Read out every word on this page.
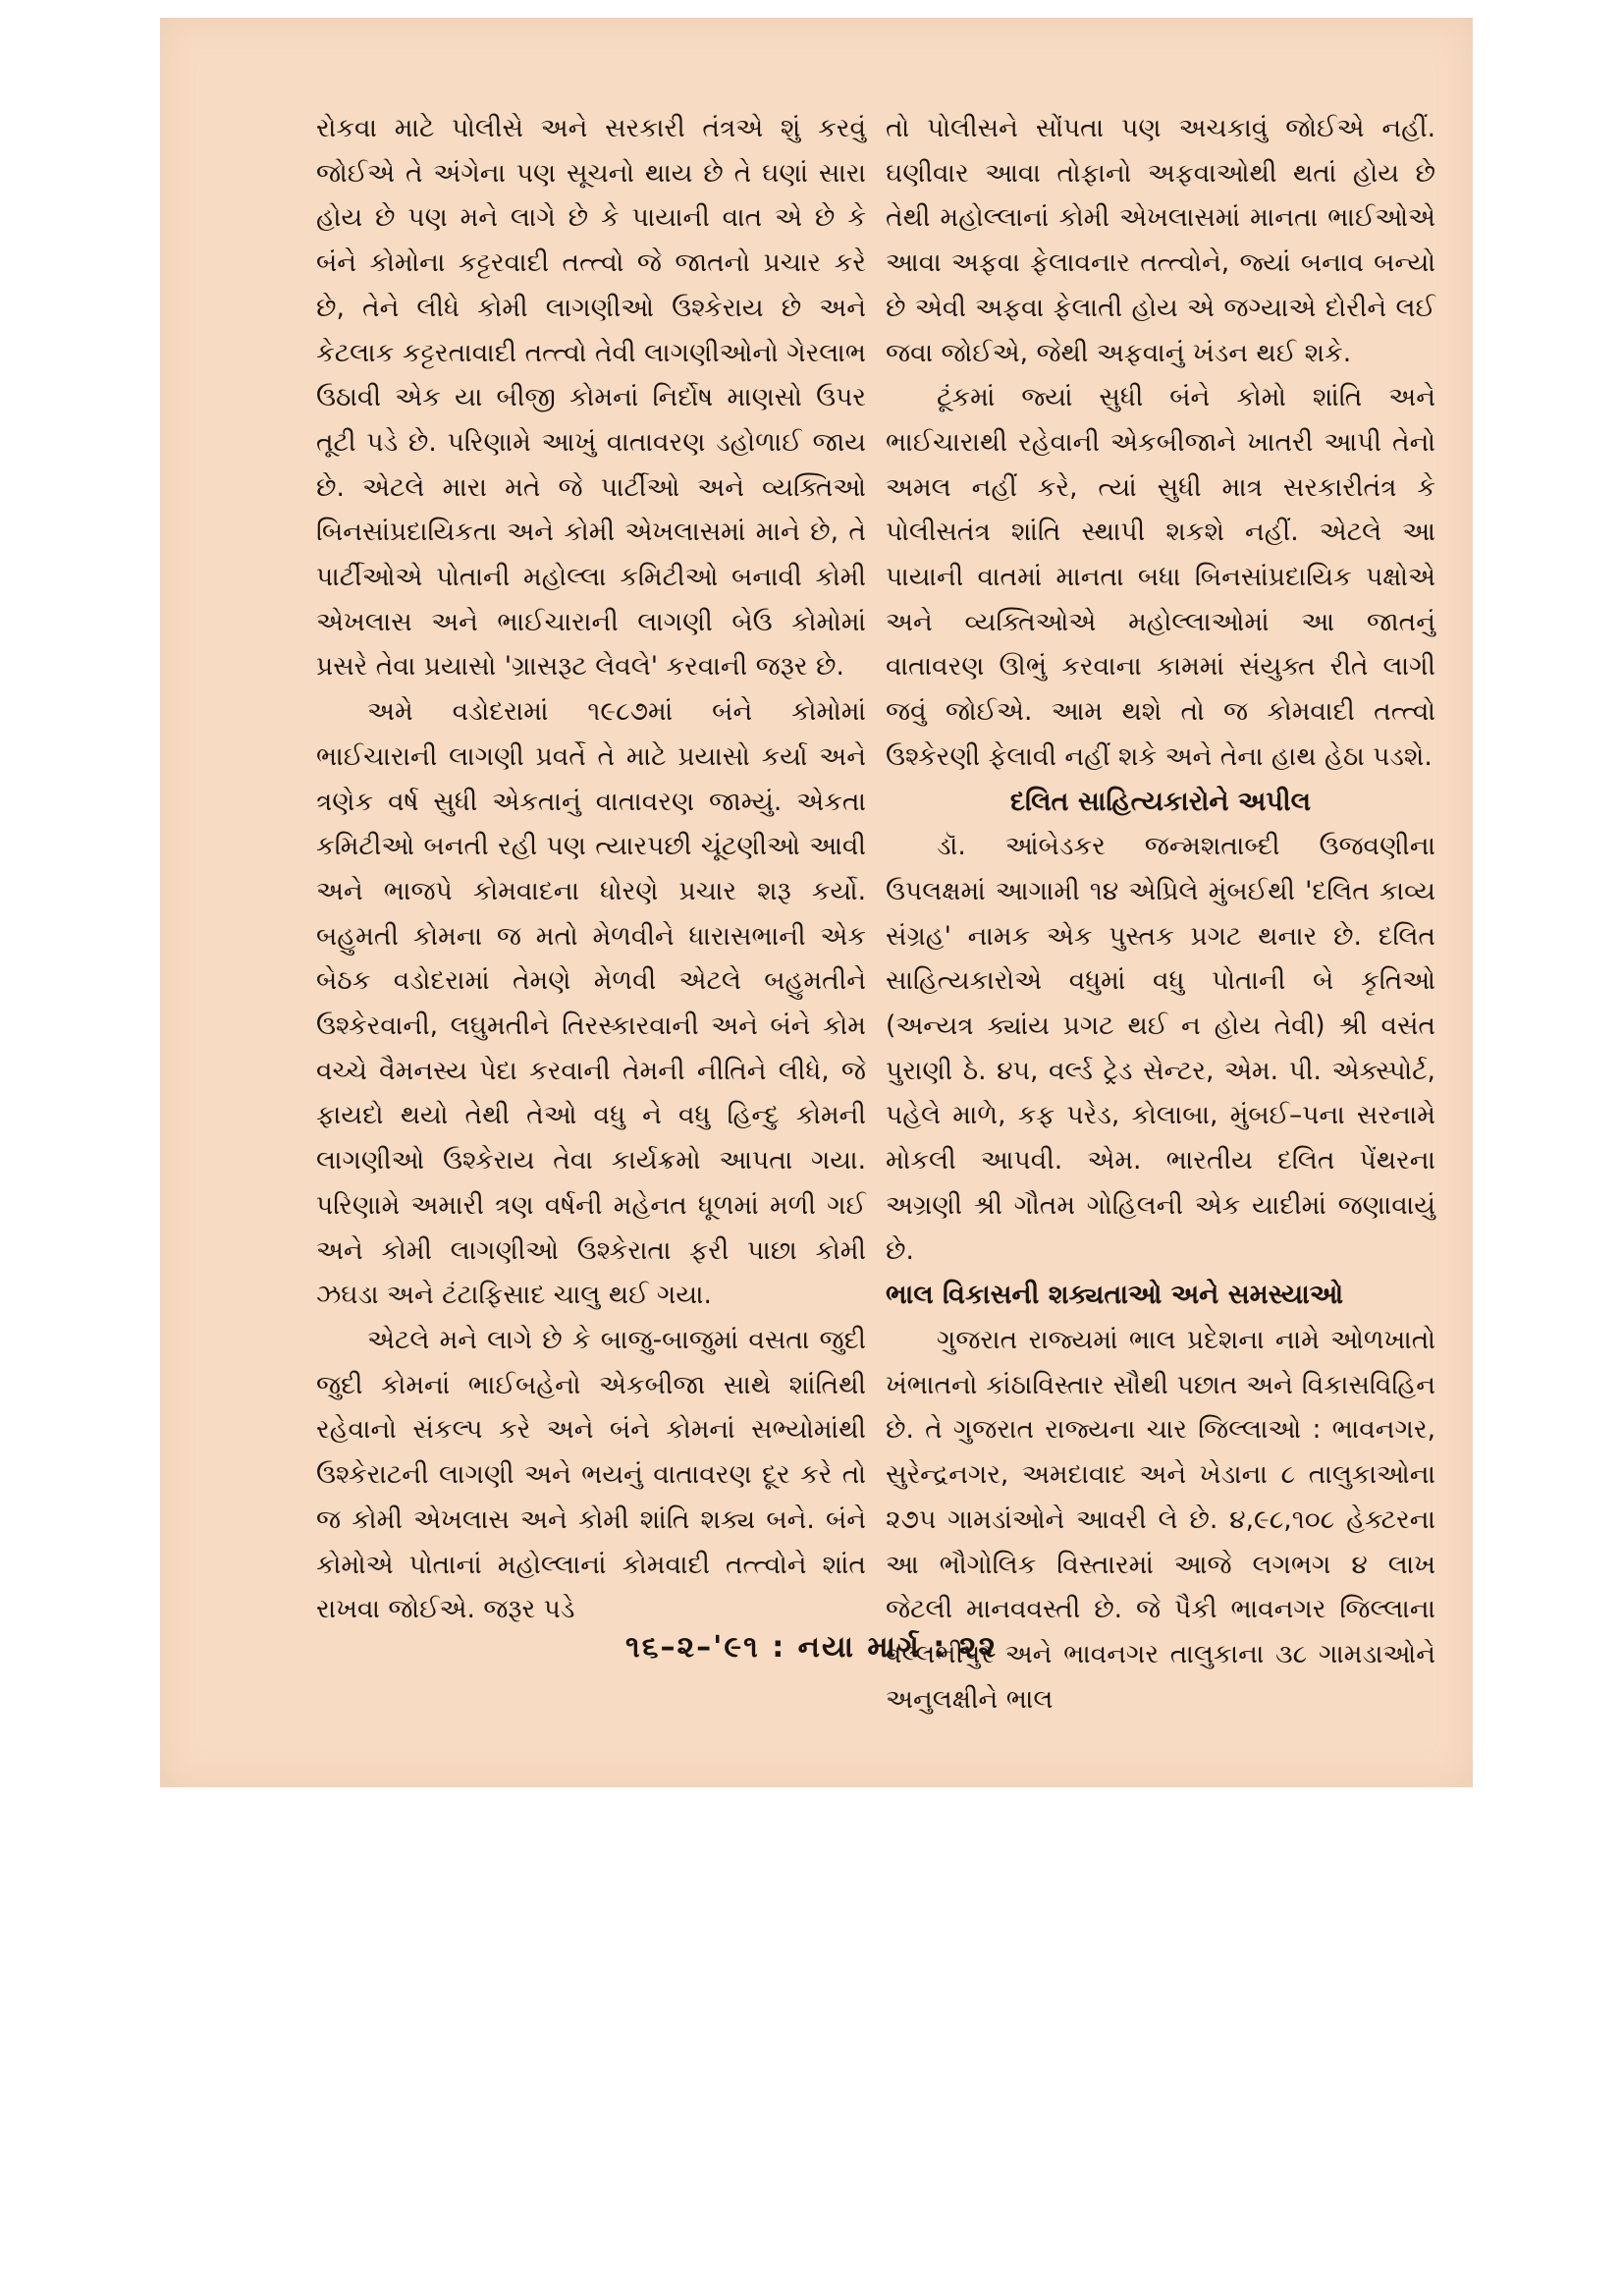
રોકવા માટે પોલીસે અને સરકારી તંત્રએ શું કરવું જોઈએ તે અંગેના પણ સૂચનો થાય છે તે ઘણાં સારા હોય છે પણ મને લાગે છે કે પાયાની વાત એ છે કે બંને કોમોના કટ્ટરવાદી તત્ત્વો જે જાતનો પ્રચાર કરે છે, તેને લીધે કોમી લાગણીઓ ઉશ્કેરાય છે અને કેટલાક કટ્ટરતાવાદી તત્ત્વો તેવી લાગણીઓનો ગેરલાભ ઉઠાવી એક યા બીજી કોમનાં નિર્દોષ માણસો ઉપર તૂટી પડે છે. પરિણામે આખું વાતાવરણ ડહોળાઈ જાય છે. એટલે મારા મતે જે પાર્ટીઓ અને વ્યક્તિઓ બિનસાંપ્રદાયિકતા અને કોમી એખલાસમાં માને છે, તે પાર્ટીઓએ પોતાની મહોલ્લા કમિટીઓ બનાવી કોમી એખલાસ અને ભાઈચારાની લાગણી બેઉ કોમોમાં પ્રસરે તેવા પ્રયાસો 'ગ્રાસરૂટ લેવલે' કરવાની જરૂર છે.

અમે વડોદરામાં ૧૯૮૭માં બંને કોમોમાં ભાઈચારાની લાગણી પ્રવર્તે તે માટે પ્રયાસો કર્યા અને ત્રણેક વર્ષ સુધી એકતાનું વાતાવરણ જામ્યું. એકતા કમિટીઓ બનતી રહી પણ ત્યારપછી ચૂંટણીઓ આવી અને ભાજપે કોમવાદના ધોરણે પ્રચાર શરૂ કર્યો. બહુમતી કોમના જ મતો મેળવીને ધારાસભાની એક બેઠક વડોદરામાં તેમણે મેળવી એટલે બહુમતીને ઉશ્કેરવાની, લઘુમતીને તિરસ્કારવાની અને બંને કોમ વચ્ચે વૈમનસ્ય પેદા કરવાની તેમની નીતિને લીધે, જે ફાયદો થયો તેથી તેઓ વધુ ને વધુ હિન્દુ કોમની લાગણીઓ ઉશ્કેરાય તેવા કાર્યક્રમો આપતા ગયા. પરિણામે અમારી ત્રણ વર્ષની મહેનત ધૂળમાં મળી ગઈ અને કોમી લાગણીઓ ઉશ્કેરાતા ફરી પાછા કોમી ઝઘડા અને ટંટાફિસાદ ચાલુ થઈ ગયા.

એટલે મને લાગે છે કે બાજુ-બાજુમાં વસતા જુદી જુદી કોમનાં ભાઈબહેનો એકબીજા સાથે શાંતિથી રહેવાનો સંકલ્પ કરે અને બંને કોમનાં સભ્યોમાંથી ઉશ્કેરાટની લાગણી અને ભયનું વાતાવરણ દૂર કરે તો જ કોમી એખલાસ અને કોમી શાંતિ શક્ય બને. બંને કોમોએ પોતાનાં મહોલ્લાનાં કોમવાદી તત્ત્વોને શાંત રાખવા જોઈએ. જરૂર પડે

તો પોલીસને સોંપતા પણ અચકાવું જોઈએ નહીં. ઘણીવાર આવા તોફાનો અફવાઓથી થતાં હોય છે તેથી મહોલ્લાનાં કોમી એખલાસમાં માનતા ભાઈઓએ આવા અફવા ફેલાવનાર તત્ત્વોને, જ્યાં બનાવ બન્યો છે એવી અફવા ફેલાતી હોય એ જગ્યાએ દોરીને લઈ જવા જોઈએ, જેથી અફવાનું ખંડન થઈ શકે.

ટૂંકમાં જ્યાં સુધી બંને કોમો શાંતિ અને ભાઈચારાથી રહેવાની એકબીજાને ખાતરી આપી તેનો અમલ નહીં કરે, ત્યાં સુધી માત્ર સરકારીતંત્ર કે પોલીસતંત્ર શાંતિ સ્થાપી શકશે નહીં. એટલે આ પાયાની વાતમાં માનતા બધા બિનસાંપ્રદાયિક પક્ષોએ અને વ્યક્તિઓએ મહોલ્લાઓમાં આ જાતનું વાતાવરણ ઊભું કરવાના કામમાં સંયુક્ત રીતે લાગી જવું જોઈએ. આમ થશે તો જ કોમવાદી તત્ત્વો ઉશ્કેરણી ફેલાવી નહીં શકે અને તેના હાથ હેઠા પડશે.

દલિત સાહિત્યકારોને અપીલ

ડૉ. આંબેડકર જન્મશતાબ્દી ઉજવણીના ઉપલક્ષમાં આગામી ૧૪ એપ્રિલે મુંબઈથી 'દલિત કાવ્ય સંગ્રહ' નામક એક પુસ્તક પ્રગટ થનાર છે. દલિત સાહિત્યકારોએ વધુમાં વધુ પોતાની બે કૃતિઓ (અન્યત્ર ક્યાંય પ્રગટ થઈ ન હોય તેવી) શ્રી વસંત પુરાણી ઠે. ૪૫, વર્લ્ડ ટ્રેડ સેન્ટર, એમ. પી. એક્સ્પોર્ટ, પહેલે માળે, કફ પરેડ, કોલાબા, મુંબઈ–પના સરનામે મોકલી આપવી. એમ. ભારતીય દલિત પેંથરના અગ્રણી શ્રી ગૌતમ ગોહિલની એક યાદીમાં જણાવાયું છે.

ભાલ વિકાસની શક્યતાઓ અને સમસ્યાઓ

ગુજરાત રાજ્યમાં ભાલ પ્રદેશના નામે ઓળખાતો ખંભાતનો કાંઠાવિસ્તાર સૌથી પછાત અને વિકાસવિહિન છે. તે ગુજરાત રાજ્યના ચાર જિલ્લાઓ : ભાવનગર, સુરેન્દ્રનગર, અમદાવાદ અને ખેડાના ૮ તાલુકાઓના ૨૭૫ ગામડાંઓને આવરી લે છે. ૪,૯૮,૧૦૮ હેક્ટરના આ ભૌગોલિક વિસ્તારમાં આજે લગભગ ૪ લાખ જેટલી માનવવસ્તી છે. જે પૈકી ભાવનગર જિલ્લાના વલ્લભીપુર અને ભાવનગર તાલુકાના ૩૮ ગામડાઓને અનુલક્ષીને ભાલ

૧૬–૨–'૯૧ : નયા માર્ગ : ૨૨
